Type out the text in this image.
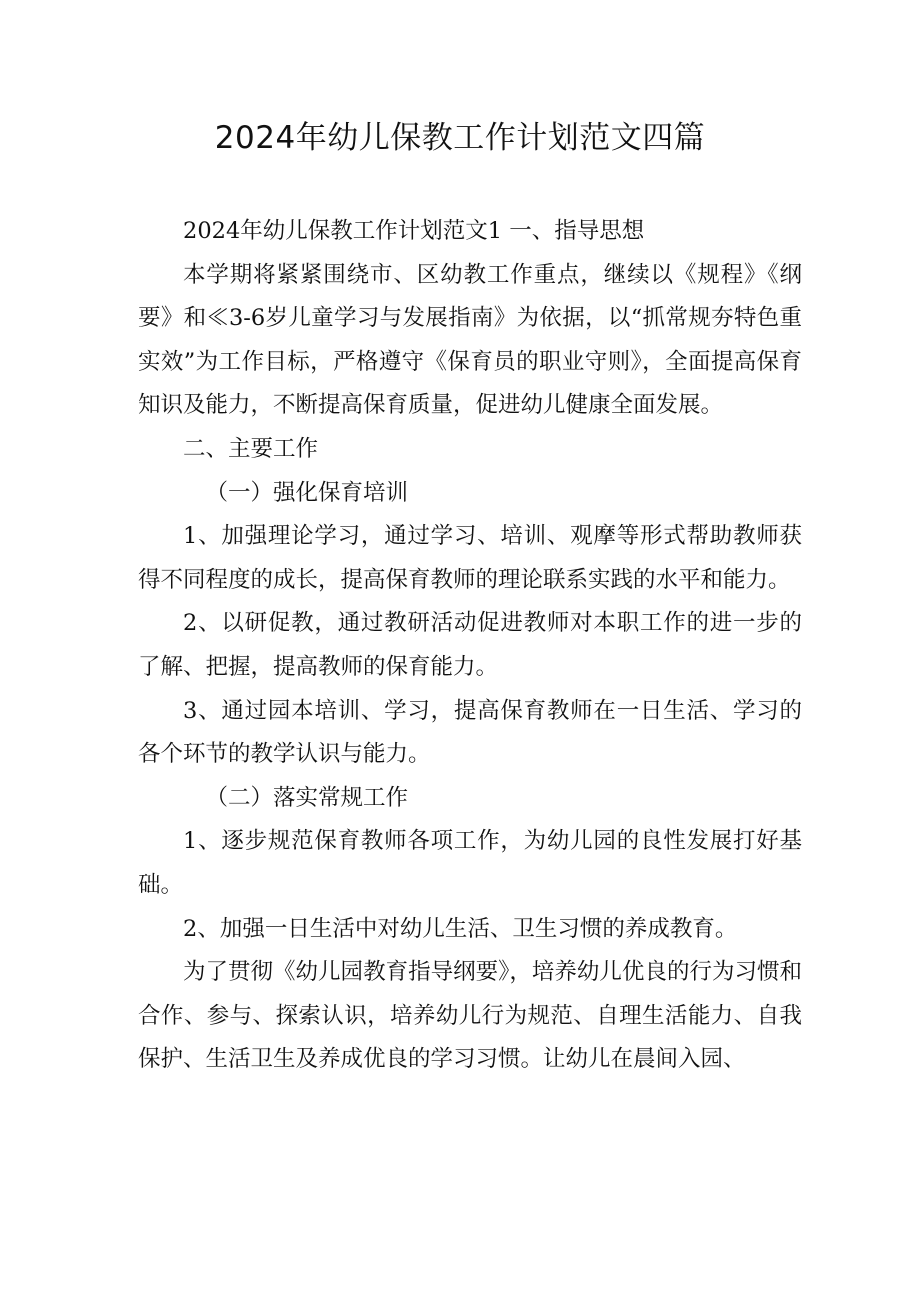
2024年幼儿保教工作计划范文四篇

2024年幼儿保教工作计划范文1 一、指导思想

本学期将紧紧围绕市、区幼教工作重点，继续以《规程》《纲要》和≪3-6岁儿童学习与发展指南》为依据，以“抓常规夯特色重实效”为工作目标，严格遵守《保育员的职业守则》，全面提高保育知识及能力，不断提高保育质量，促进幼儿健康全面发展。

二、主要工作

（一）强化保育培训

1、加强理论学习，通过学习、培训、观摩等形式帮助教师获得不同程度的成长，提高保育教师的理论联系实践的水平和能力。

2、以研促教，通过教研活动促进教师对本职工作的进一步的了解、把握，提高教师的保育能力。

3、通过园本培训、学习，提高保育教师在一日生活、学习的各个环节的教学认识与能力。

（二）落实常规工作

1、逐步规范保育教师各项工作，为幼儿园的良性发展打好基础。

2、加强一日生活中对幼儿生活、卫生习惯的养成教育。

为了贯彻《幼儿园教育指导纲要》，培养幼儿优良的行为习惯和合作、参与、探索认识，培养幼儿行为规范、自理生活能力、自我保护、生活卫生及养成优良的学习习惯。让幼儿在晨间入园、
